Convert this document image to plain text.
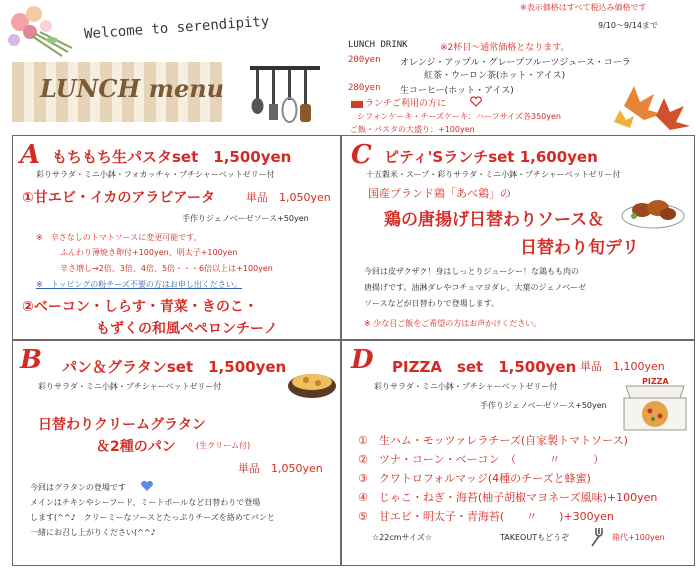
※表示価格はすべて税込み価格です
9/10～9/14まで
Welcome to serendipity
LUNCH menu
LUNCH DRINK	※2杯目～通常価格となります。
200yen オレンジ・アップル・グレープフルーツジュース・コーラ
紅茶・ウーロン茶(ホット・アイス)
280yen 生コーヒー(ホット・アイス)
ランチご利用の方に
シフォンケーキ・チーズケーキ：ハーフサイズ各350yen
ご飯・パスタの大盛り：+100yen
A もちもち生パスタset　1,500yen
彩りサラダ・ミニ小鉢・フォカッチャ・プチシャーベットゼリー付
①甘エビ・イカのアラビアータ	単品　1,050yen
手作りジェノベーゼソース+50yen
※　辛さなしのトマトソースに変更可能です。
ふんわり薄焼き卵付+100yen、明太子+100yen
辛さ増し→2倍、3倍、4倍、5倍・・・6倍以上は+100yen
※　トッピングの粉チーズ不要の方はお申し出ください。
②ベーコン・しらす・青菜・きのこ・
もずくの和風ペペロンチーノ
C ピティ'Sランチset 1,600yen
十五穀米・スープ・彩りサラダ・ミニ小鉢・プチシャーベットゼリー付
国産ブランド鶏「あべ鶏」の
鶏の唐揚げ日替わりソース＆
日替わり旬デリ
今回は皮ザクザク！身はしっとりジューシー！な鶏もも肉の
唐揚げです。油淋ダレやコチュマヨダレ、大葉のジェノベーゼ
ソースなどが日替わりで登場します。
※ 少な目ご飯をご希望の方はお声かけください。
B パン＆グラタンset　1,500yen
彩りサラダ・ミニ小鉢・プチシャーベットゼリー付
日替わりクリームグラタン
＆2種のパン	(生クリーム付)
単品　1,050yen
今回はグラタンの登場です
メインはチキンやシーフード、ミートボールなど日替わりで登場
します(^^♪　クリーミーなソースとたっぷりチーズを絡めてパンと
一緒にお召し上がりください(^^♪
D PIZZA　set　1,500yen 単品　1,100yen
彩りサラダ・ミニ小鉢・プチシャーベットゼリー付
手作りジェノベーゼソース+50yen
PIZZA
①　生ハム・モッツァレラチーズ(自家製トマトソース)
②　ツナ・コーン・ベーコン　（　　　〃　　　）
③　クワトロフォルマッジ(4種のチーズと蜂蜜)
④　じゃこ・ねぎ・海苔(柚子胡椒マヨネーズ風味)+100yen
⑤　甘エビ・明太子・青海苔(　　〃　　)+300yen
☆22cmサイズ☆	TAKEOUTもどうぞ	箱代+100yen
